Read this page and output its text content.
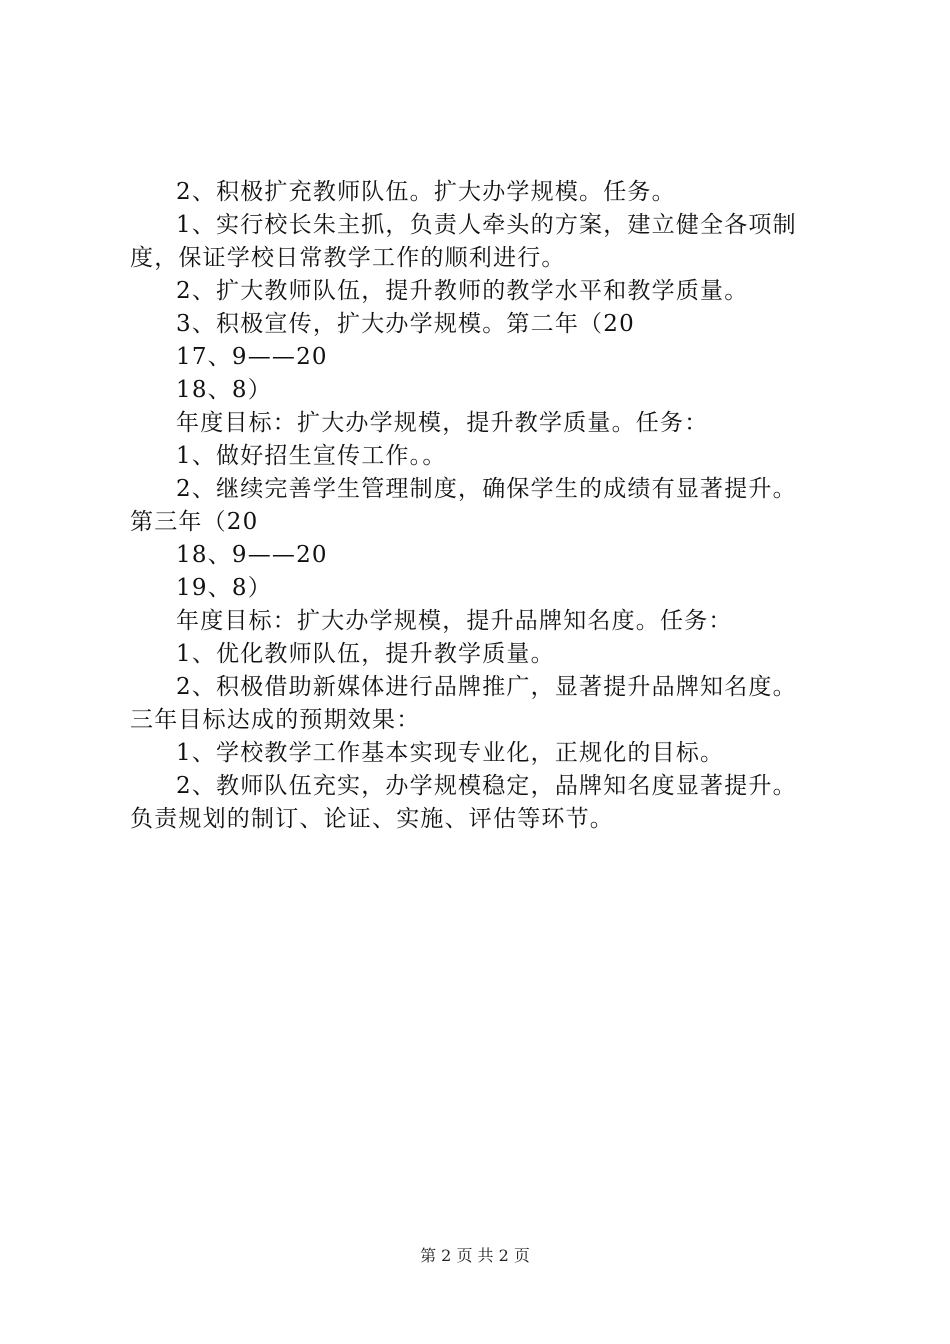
2、积极扩充教师队伍。扩大办学规模。任务。
1、实行校长朱主抓，负责人牵头的方案，建立健全各项制
度，保证学校日常教学工作的顺利进行。
2、扩大教师队伍，提升教师的教学水平和教学质量。
3、积极宣传，扩大办学规模。第二年（20
17、9——20
18、8）
年度目标：扩大办学规模，提升教学质量。任务：
1、做好招生宣传工作。。
2、继续完善学生管理制度，确保学生的成绩有显著提升。
第三年（20
18、9——20
19、8）
年度目标：扩大办学规模，提升品牌知名度。任务：
1、优化教师队伍，提升教学质量。
2、积极借助新媒体进行品牌推广，显著提升品牌知名度。
三年目标达成的预期效果：
1、学校教学工作基本实现专业化，正规化的目标。
2、教师队伍充实，办学规模稳定，品牌知名度显著提升。
负责规划的制订、论证、实施、评估等环节。
第 2 页 共 2 页
